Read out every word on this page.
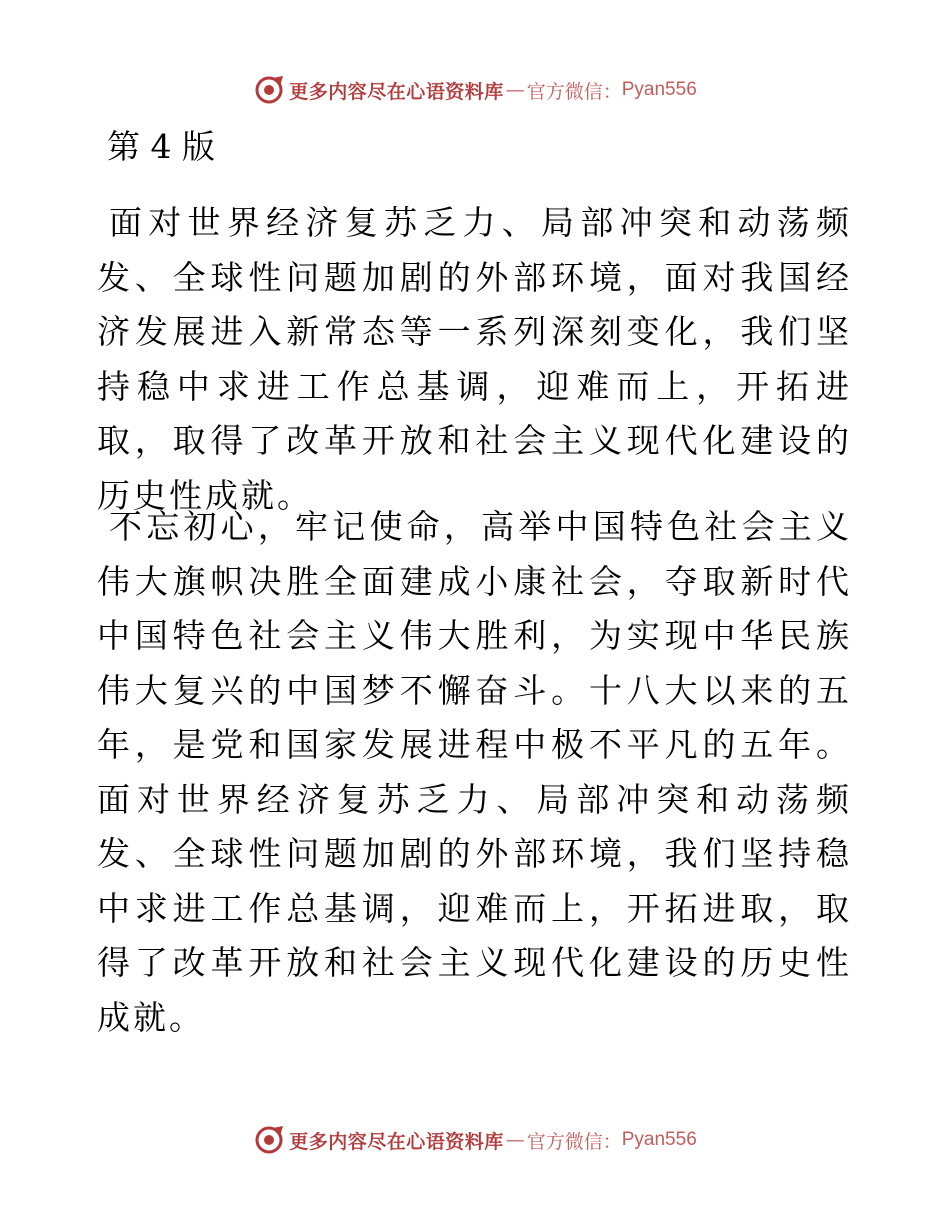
更多内容尽在心语资料库 — 官方微信： Pyan556
第 4 版

面对世界经济复苏乏力、局部冲突和动荡频发、全球性问题加剧的外部环境，面对我国经济发展进入新常态等一系列深刻变化，我们坚持稳中求进工作总基调，迎难而上，开拓进取，取得了改革开放和社会主义现代化建设的历史性成就。

不忘初心，牢记使命，高举中国特色社会主义伟大旗帜决胜全面建成小康社会，夺取新时代中国特色社会主义伟大胜利，为实现中华民族伟大复兴的中国梦不懈奋斗。十八大以来的五年，是党和国家发展进程中极不平凡的五年。面对世界经济复苏乏力、局部冲突和动荡频发、全球性问题加剧的外部环境，我们坚持稳中求进工作总基调，迎难而上，开拓进取，取得了改革开放和社会主义现代化建设的历史性成就。

更多内容尽在心语资料库 — 官方微信： Pyan556
